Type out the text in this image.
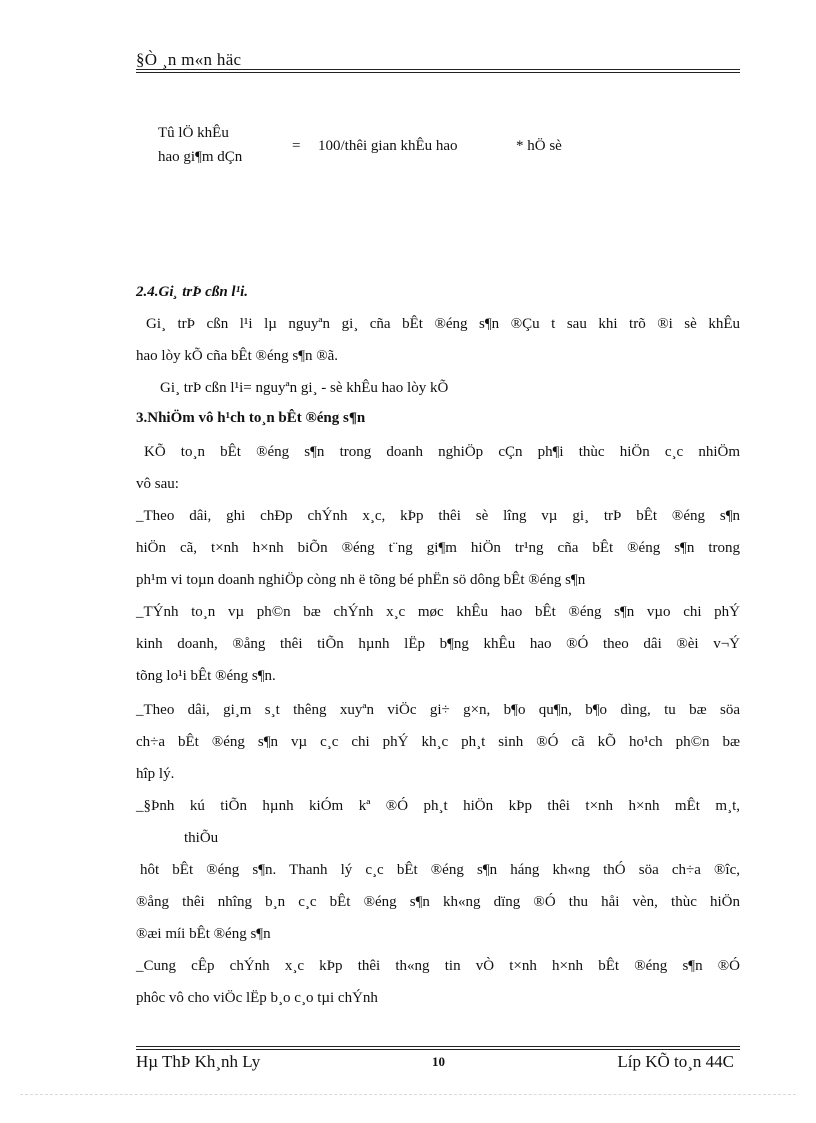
§Ò ¸n m«n häc
Tû lÖ khÊu
hao gi¶m dÇn
= 100/thêi gian khÊu hao	* hÖ sè
2.4.Gi¸ trÞ cßn l¹i.
Gi¸ trÞ cßn l¹i lµ nguyªn gi¸ cña bÊt ®éng s¶n ®Çu t sau khi trõ ®i sè khÊu
hao lòy kÕ cña bÊt ®éng s¶n ®ã.
Gi¸ trÞ cßn l¹i= nguyªn gi¸ - sè khÊu hao lòy kÕ
3.NhiÖm vô h¹ch to¸n bÊt ®éng s¶n
KÕ to¸n bÊt ®éng s¶n trong doanh nghiÖp cÇn ph¶i thùc hiÖn c¸c nhiÖm
vô sau:
_Theo dâi, ghi chÐp chÝnh x¸c, kÞp thêi sè lîng vµ gi¸ trÞ bÊt ®éng s¶n
hiÖn cã, t×nh h×nh biÕn ®éng t¨ng gi¶m hiÖn tr¹ng cña bÊt ®éng s¶n trong
ph¹m vi toµn doanh nghiÖp còng nh ë tõng bé phËn sö dông bÊt ®éng s¶n
_TÝnh to¸n vµ ph©n bæ chÝnh x¸c møc khÊu hao bÊt ®éng s¶n vµo chi phÝ
kinh doanh, ®ång thêi tiÕn hµnh lËp b¶ng khÊu hao ®Ó theo dâi ®èi v¬Ý
tõng lo¹i bÊt ®éng s¶n.
_Theo dâi, gi¸m s¸t thêng xuyªn viÖc gi÷ g×n, b¶o qu¶n, b¶o dìng, tu bæ söa
ch÷a bÊt ®éng s¶n vµ c¸c chi phÝ kh¸c ph¸t sinh ®Ó cã kÕ ho¹ch ph©n bæ
hîp lý.
_§Þnh kú tiÕn hµnh kiÓm kª ®Ó ph¸t hiÖn kÞp thêi t×nh h×nh mÊt m¸t,
thiÕu
hôt bÊt ®éng s¶n. Thanh lý c¸c bÊt ®éng s¶n háng kh«ng thÓ söa ch÷a ®îc,
®ång thêi nhîng b¸n c¸c bÊt ®éng s¶n kh«ng dïng ®Ó thu håi vèn, thùc hiÖn
®æi míi bÊt ®éng s¶n
_Cung cÊp chÝnh x¸c kÞp thêi th«ng tin vÒ t×nh h×nh bÊt ®éng s¶n ®Ó
phôc vô cho viÖc lËp b¸o c¸o tµi chÝnh
Hµ ThÞ Kh¸nh Ly	10	Líp KÕ to¸n 44C
